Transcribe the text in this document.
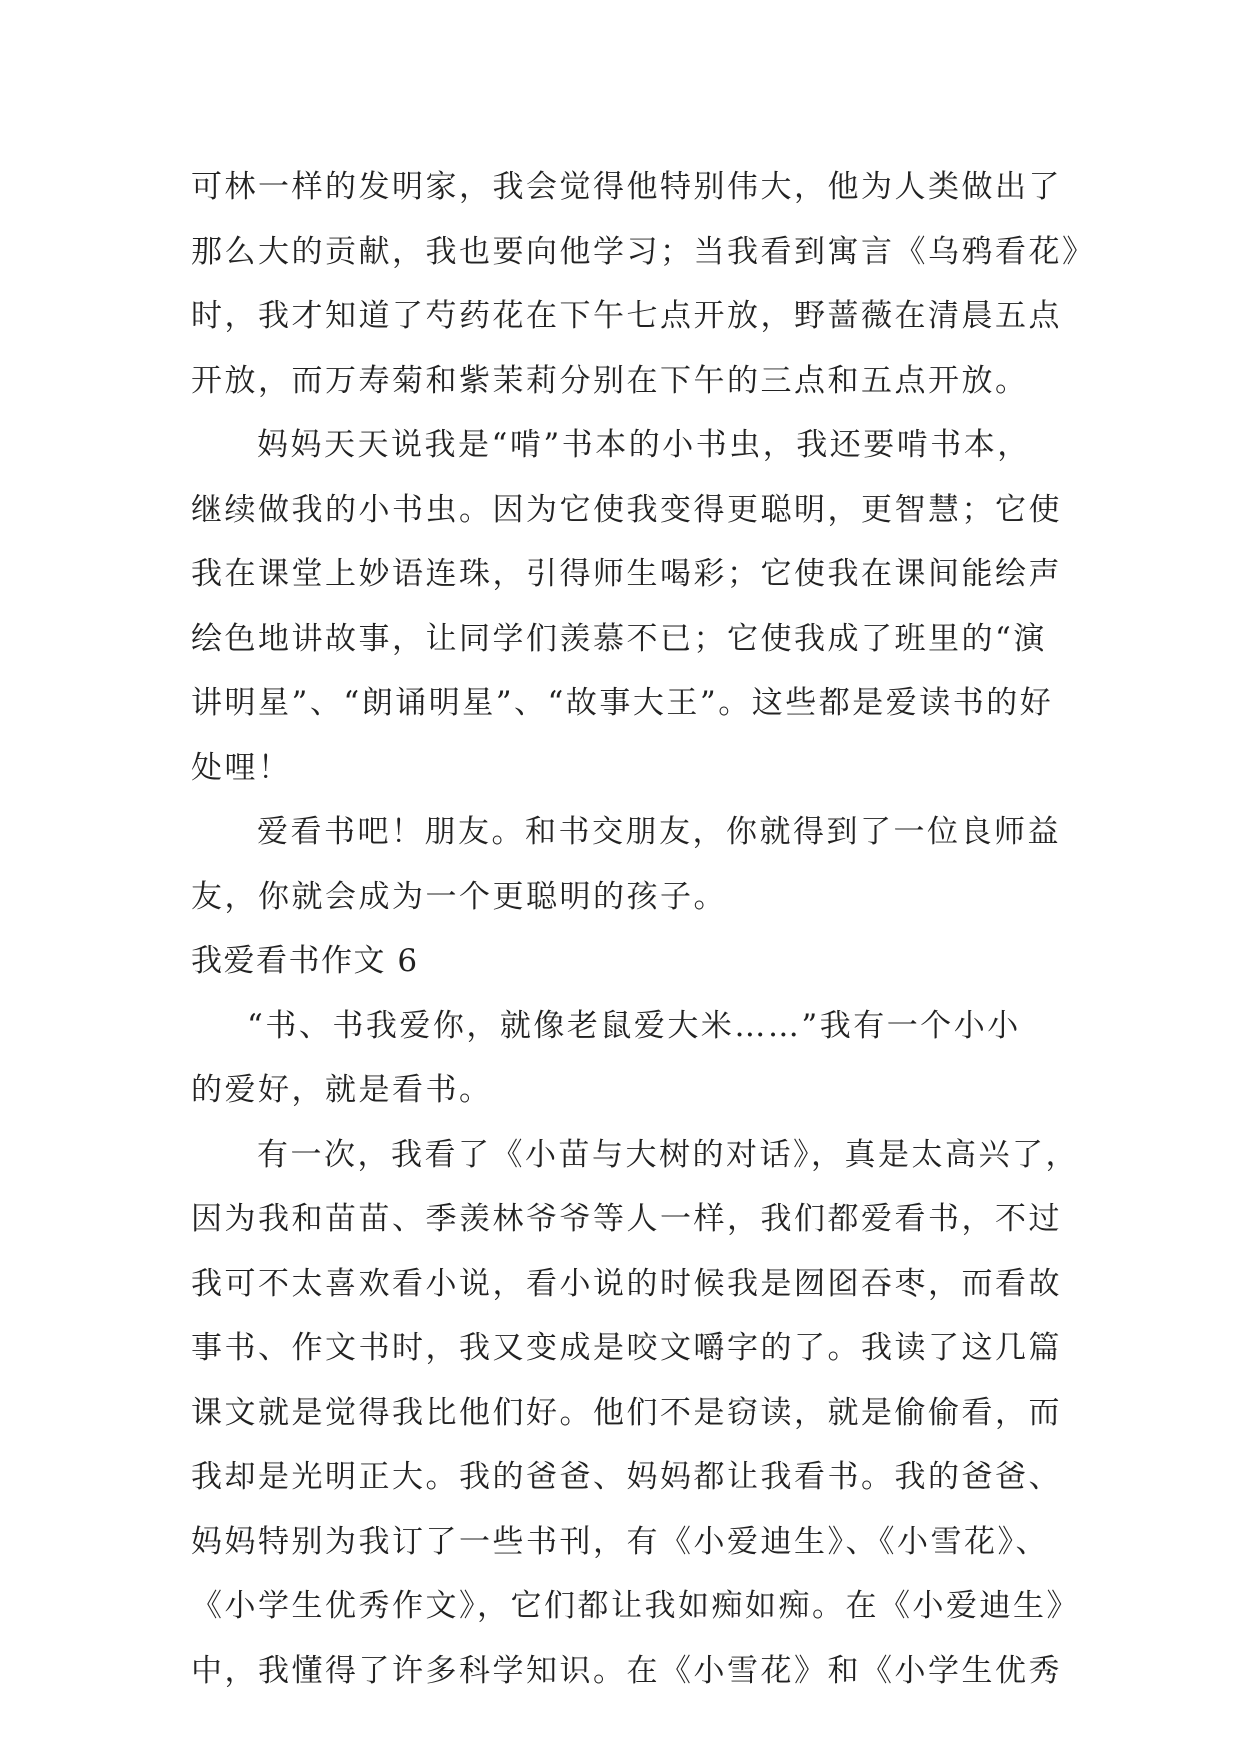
可林一样的发明家，我会觉得他特别伟大，他为人类做出了
那么大的贡献，我也要向他学习；当我看到寓言《乌鸦看花》
时，我才知道了芍药花在下午七点开放，野蔷薇在清晨五点
开放，而万寿菊和紫茉莉分别在下午的三点和五点开放。
妈妈天天说我是“啃”书本的小书虫，我还要啃书本，
继续做我的小书虫。因为它使我变得更聪明，更智慧；它使
我在课堂上妙语连珠，引得师生喝彩；它使我在课间能绘声
绘色地讲故事，让同学们羡慕不已；它使我成了班里的“演
讲明星”、“朗诵明星”、“故事大王”。这些都是爱读书的好
处哩！
爱看书吧！朋友。和书交朋友，你就得到了一位良师益
友，你就会成为一个更聪明的孩子。
我爱看书作文 6
“书、书我爱你，就像老鼠爱大米……”我有一个小小
的爱好，就是看书。
有一次，我看了《小苗与大树的对话》，真是太高兴了，
因为我和苗苗、季羡林爷爷等人一样，我们都爱看书，不过
我可不太喜欢看小说，看小说的时候我是囫囵吞枣，而看故
事书、作文书时，我又变成是咬文嚼字的了。我读了这几篇
课文就是觉得我比他们好。他们不是窃读，就是偷偷看，而
我却是光明正大。我的爸爸、妈妈都让我看书。我的爸爸、
妈妈特别为我订了一些书刊，有《小爱迪生》、《小雪花》、
《小学生优秀作文》，它们都让我如痴如痴。在《小爱迪生》
中，我懂得了许多科学知识。在《小雪花》和《小学生优秀
